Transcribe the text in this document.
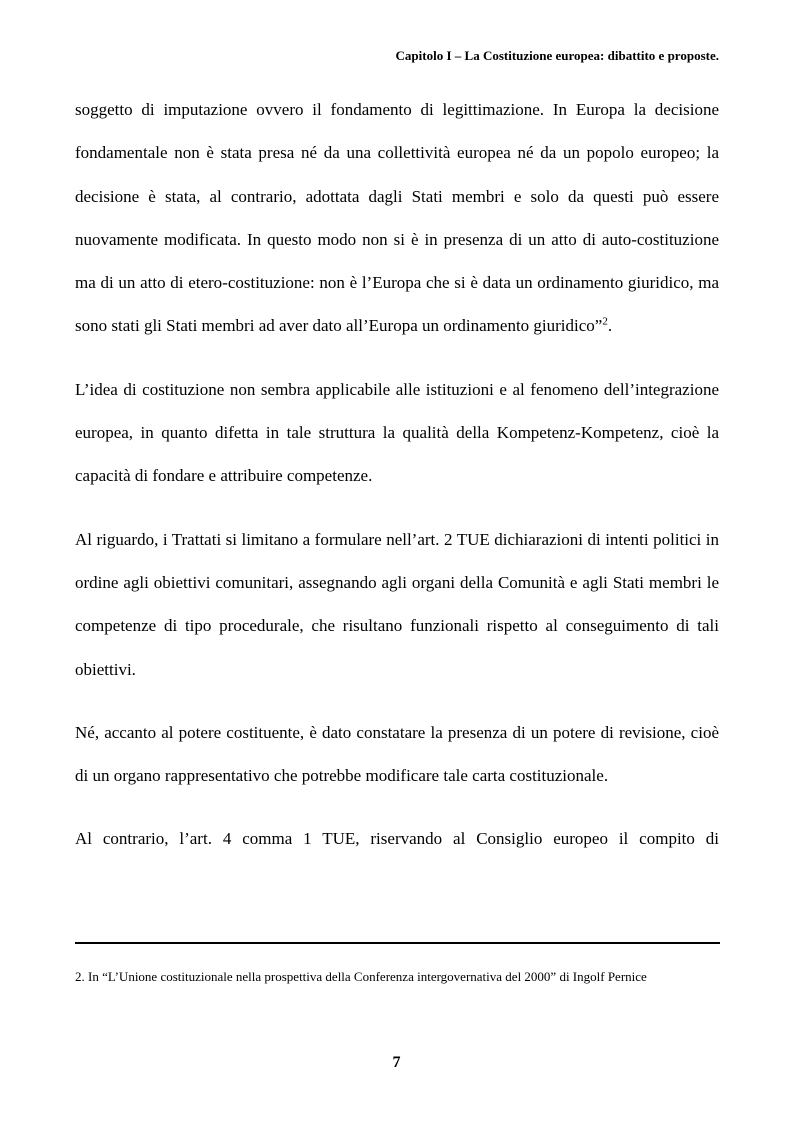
Capitolo I – La Costituzione europea: dibattito e proposte.

soggetto di imputazione ovvero il fondamento di legittimazione. In Europa la decisione fondamentale non è stata presa né da una collettività europea né da un popolo europeo; la decisione è stata, al contrario, adottata dagli Stati membri e solo da questi può essere nuovamente modificata. In questo modo non si è in presenza di un atto di auto-costituzione ma di un atto di etero-costituzione: non è l’Europa che si è data un ordinamento giuridico, ma sono stati gli Stati membri ad aver dato all’Europa un ordinamento giuridico”$^2$.

L’idea di costituzione non sembra applicabile alle istituzioni e al fenomeno dell’integrazione europea, in quanto difetta in tale struttura la qualità della Kompetenz-Kompetenz, cioè la capacità di fondare e attribuire competenze.

Al riguardo, i Trattati si limitano a formulare nell’art. 2 TUE dichiarazioni di intenti politici in ordine agli obiettivi comunitari, assegnando agli organi della Comunità e agli Stati membri le competenze di tipo procedurale, che risultano funzionali rispetto al conseguimento di tali obiettivi.

Né, accanto al potere costituente, è dato constatare la presenza di un potere di revisione, cioè di un organo rappresentativo che potrebbe modificare tale carta costituzionale.

Al contrario, l’art. 4 comma 1 TUE, riservando al Consiglio europeo il compito di

2. In “L’Unione costituzionale nella prospettiva della Conferenza intergovernativa del 2000” di Ingolf Pernice
7
